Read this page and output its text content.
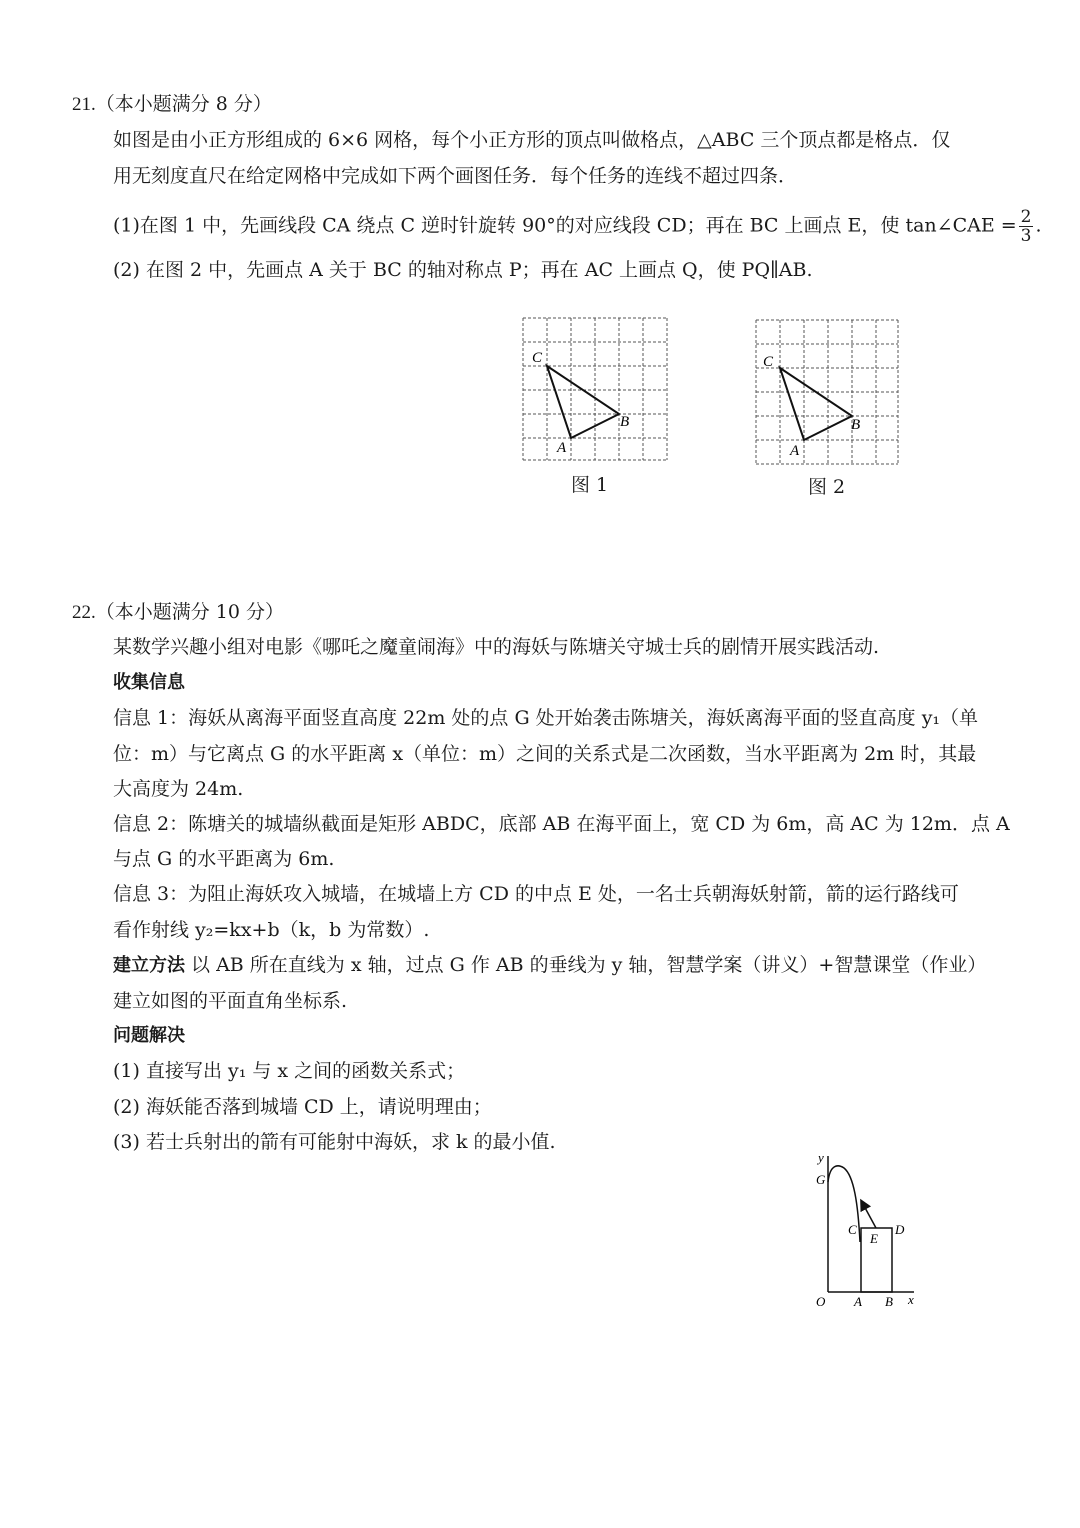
21.（本小题满分 8 分）
如图是由小正方形组成的 6×6 网格，每个小正方形的顶点叫做格点，△ABC 三个顶点都是格点．仅
用无刻度直尺在给定网格中完成如下两个画图任务．每个任务的连线不超过四条．
(1)在图 1 中，先画线段 CA 绕点 C 逆时针旋转 90°的对应线段 CD；再在 BC 上画点 E，使 tan∠CAE = $\frac{2}{3}$ .
(2) 在图 2 中，先画点 A 关于 BC 的轴对称点 P；再在 AC 上画点 Q，使 PQ∥AB.
C
B
A
图 1
C
B
A
图 2
22.（本小题满分 10 分）
某数学兴趣小组对电影《哪吒之魔童闹海》中的海妖与陈塘关守城士兵的剧情开展实践活动.
收集信息
信息 1：海妖从离海平面竖直高度 22m 处的点 G 处开始袭击陈塘关，海妖离海平面的竖直高度 y₁（单
位：m）与它离点 G 的水平距离 x（单位：m）之间的关系式是二次函数，当水平距离为 2m 时，其最
大高度为 24m.
信息 2：陈塘关的城墙纵截面是矩形 ABDC，底部 AB 在海平面上，宽 CD 为 6m，高 AC 为 12m．点 A
与点 G 的水平距离为 6m.
信息 3：为阻止海妖攻入城墙，在城墙上方 CD 的中点 E 处，一名士兵朝海妖射箭，箭的运行路线可
看作射线 y₂=kx+b（k，b 为常数）.
建立方法 以 AB 所在直线为 x 轴，过点 G 作 AB 的垂线为 y 轴，智慧学案（讲义）+智慧课堂（作业）
建立如图的平面直角坐标系.
问题解决
(1) 直接写出 y₁ 与 x 之间的函数关系式；
(2) 海妖能否落到城墙 CD 上，请说明理由；
(3) 若士兵射出的箭有可能射中海妖，求 k 的最小值.
y
G
C	D
E
O A B x
